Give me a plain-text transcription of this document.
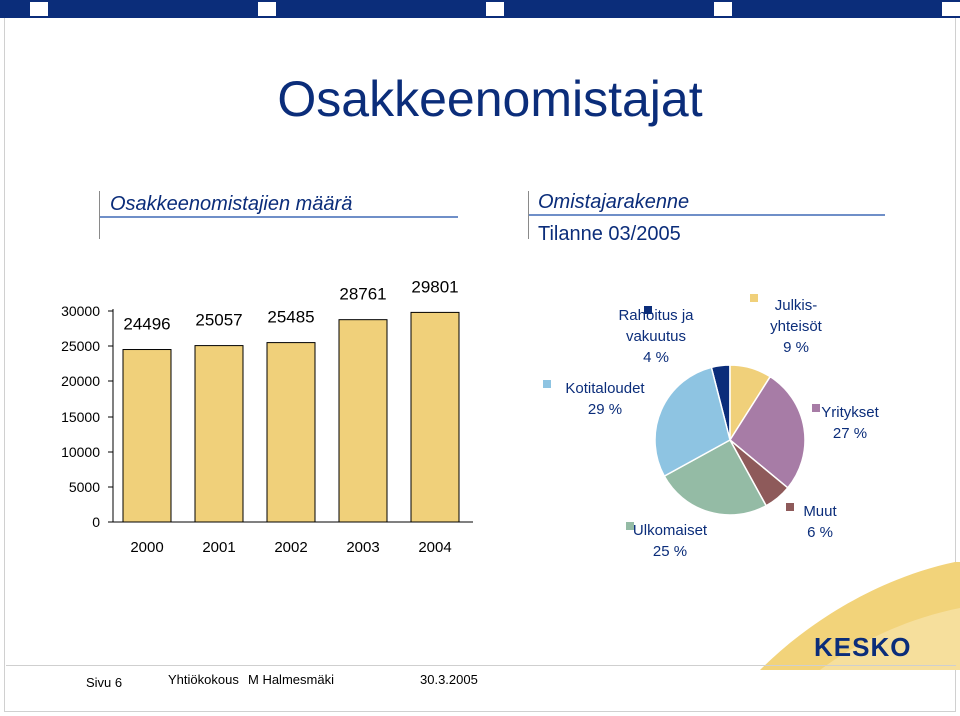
Osakkeenomistajat
Osakkeenomistajien määrä	Omistajarakenne
Tilanne 03/2005
0
5000
10000
15000
20000
25000
30000
24496
2000
25057
2001
25485
2002
28761
2003
29801
2004
Rahoitus ja
vakuutus
4 %
Julkis-
yhteisöt
9 %
Yritykset
27 %
Muut
6 %
Ulkomaiset
25 %
Kotitaloudet
29 %
KESKO
Sivu 6	Yhtiökokous M Halmesmäki	30.3.2005
